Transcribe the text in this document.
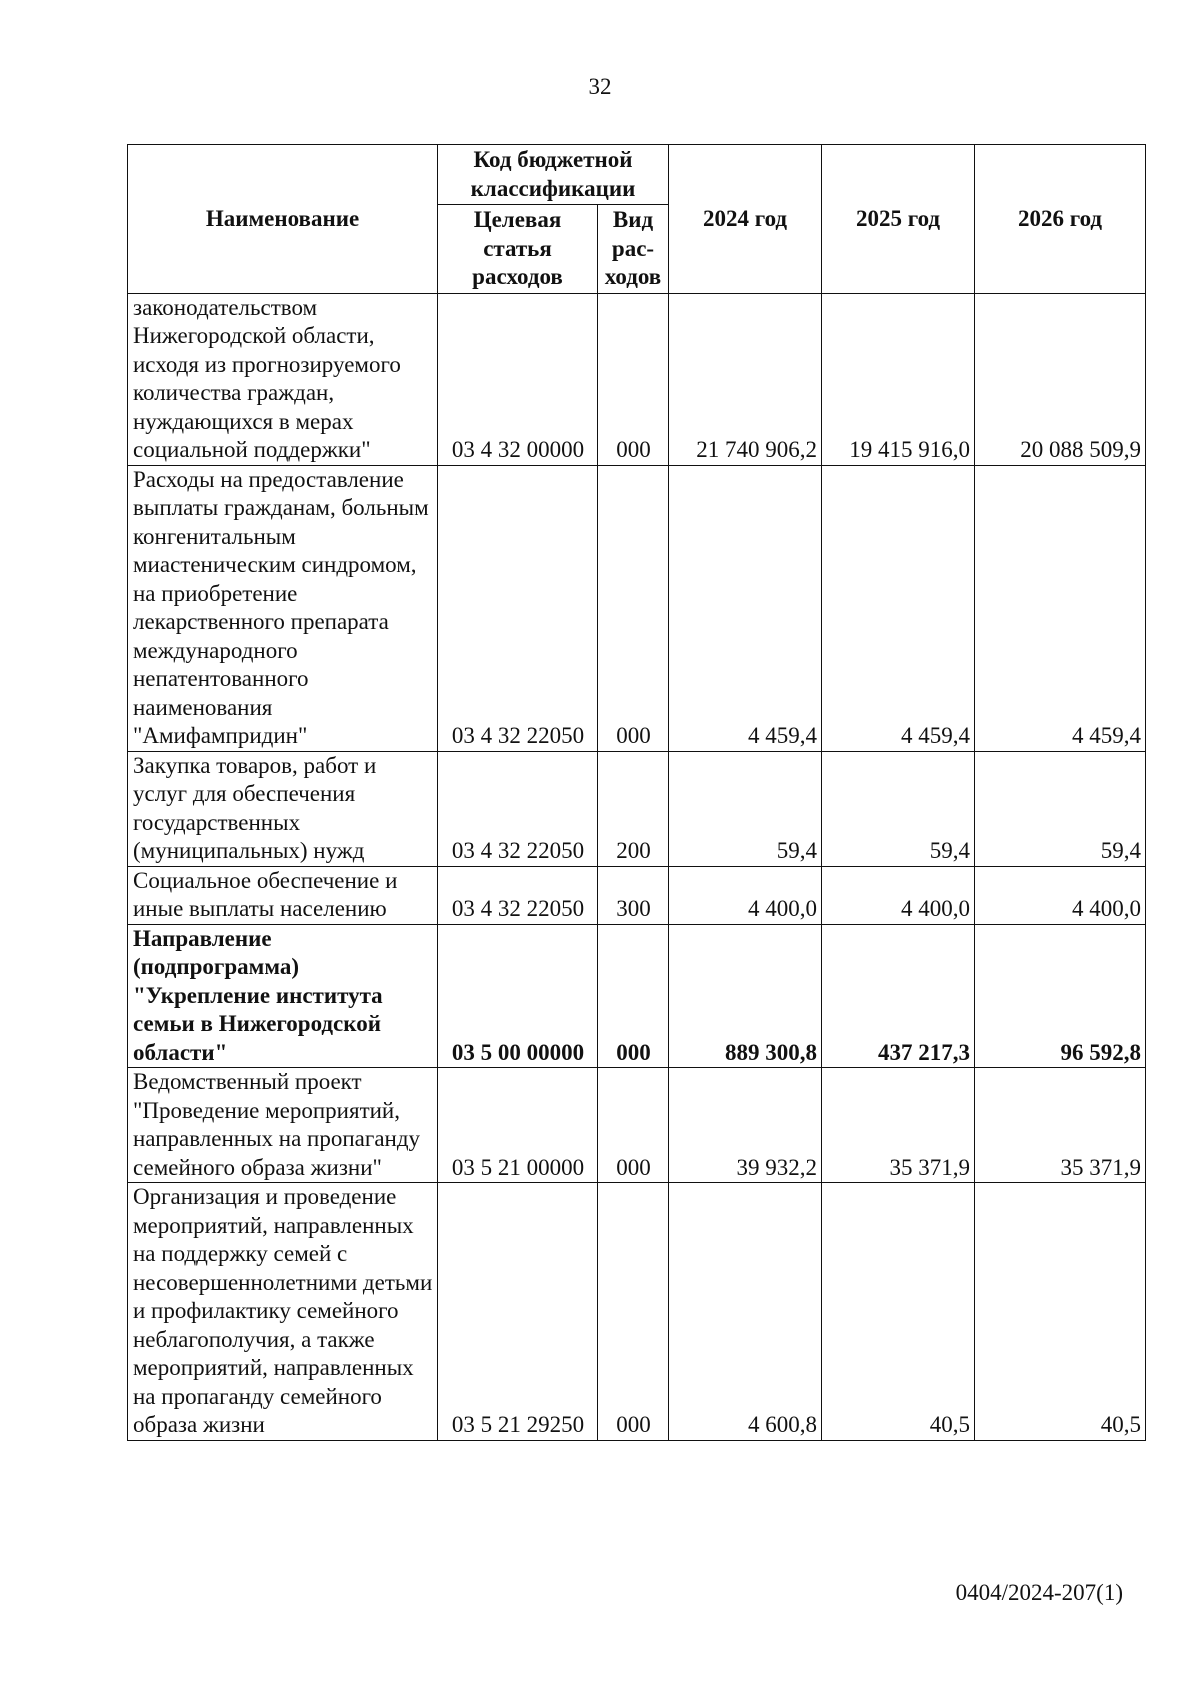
32
Наименование	Код бюджетной классификации		2024 год	2025 год	2026 год
	Целевая статья расходов	Вид рас-ходов			
законодательством Нижегородской области, исходя из прогнозируемого количества граждан, нуждающихся в мерах социальной поддержки"	03 4 32 00000	000	21 740 906,2	19 415 916,0	20 088 509,9
Расходы на предоставление выплаты гражданам, больным конгенитальным миастеническим синдромом, на приобретение лекарственного препарата международного непатентованного наименования "Амифампридин"	03 4 32 22050	000	4 459,4	4 459,4	4 459,4
Закупка товаров, работ и услуг для обеспечения государственных (муниципальных) нужд	03 4 32 22050	200	59,4	59,4	59,4
Социальное обеспечение и иные выплаты населению	03 4 32 22050	300	4 400,0	4 400,0	4 400,0
Направление (подпрограмма) "Укрепление института семьи в Нижегородской области"	03 5 00 00000	000	889 300,8	437 217,3	96 592,8
Ведомственный проект "Проведение мероприятий, направленных на пропаганду семейного образа жизни"	03 5 21 00000	000	39 932,2	35 371,9	35 371,9
Организация и проведение мероприятий, направленных на поддержку семей с несовершеннолетними детьми и профилактику семейного неблагополучия, а также мероприятий, направленных на пропаганду семейного образа жизни	03 5 21 29250	000	4 600,8	40,5	40,5
0404/2024-207(1)
